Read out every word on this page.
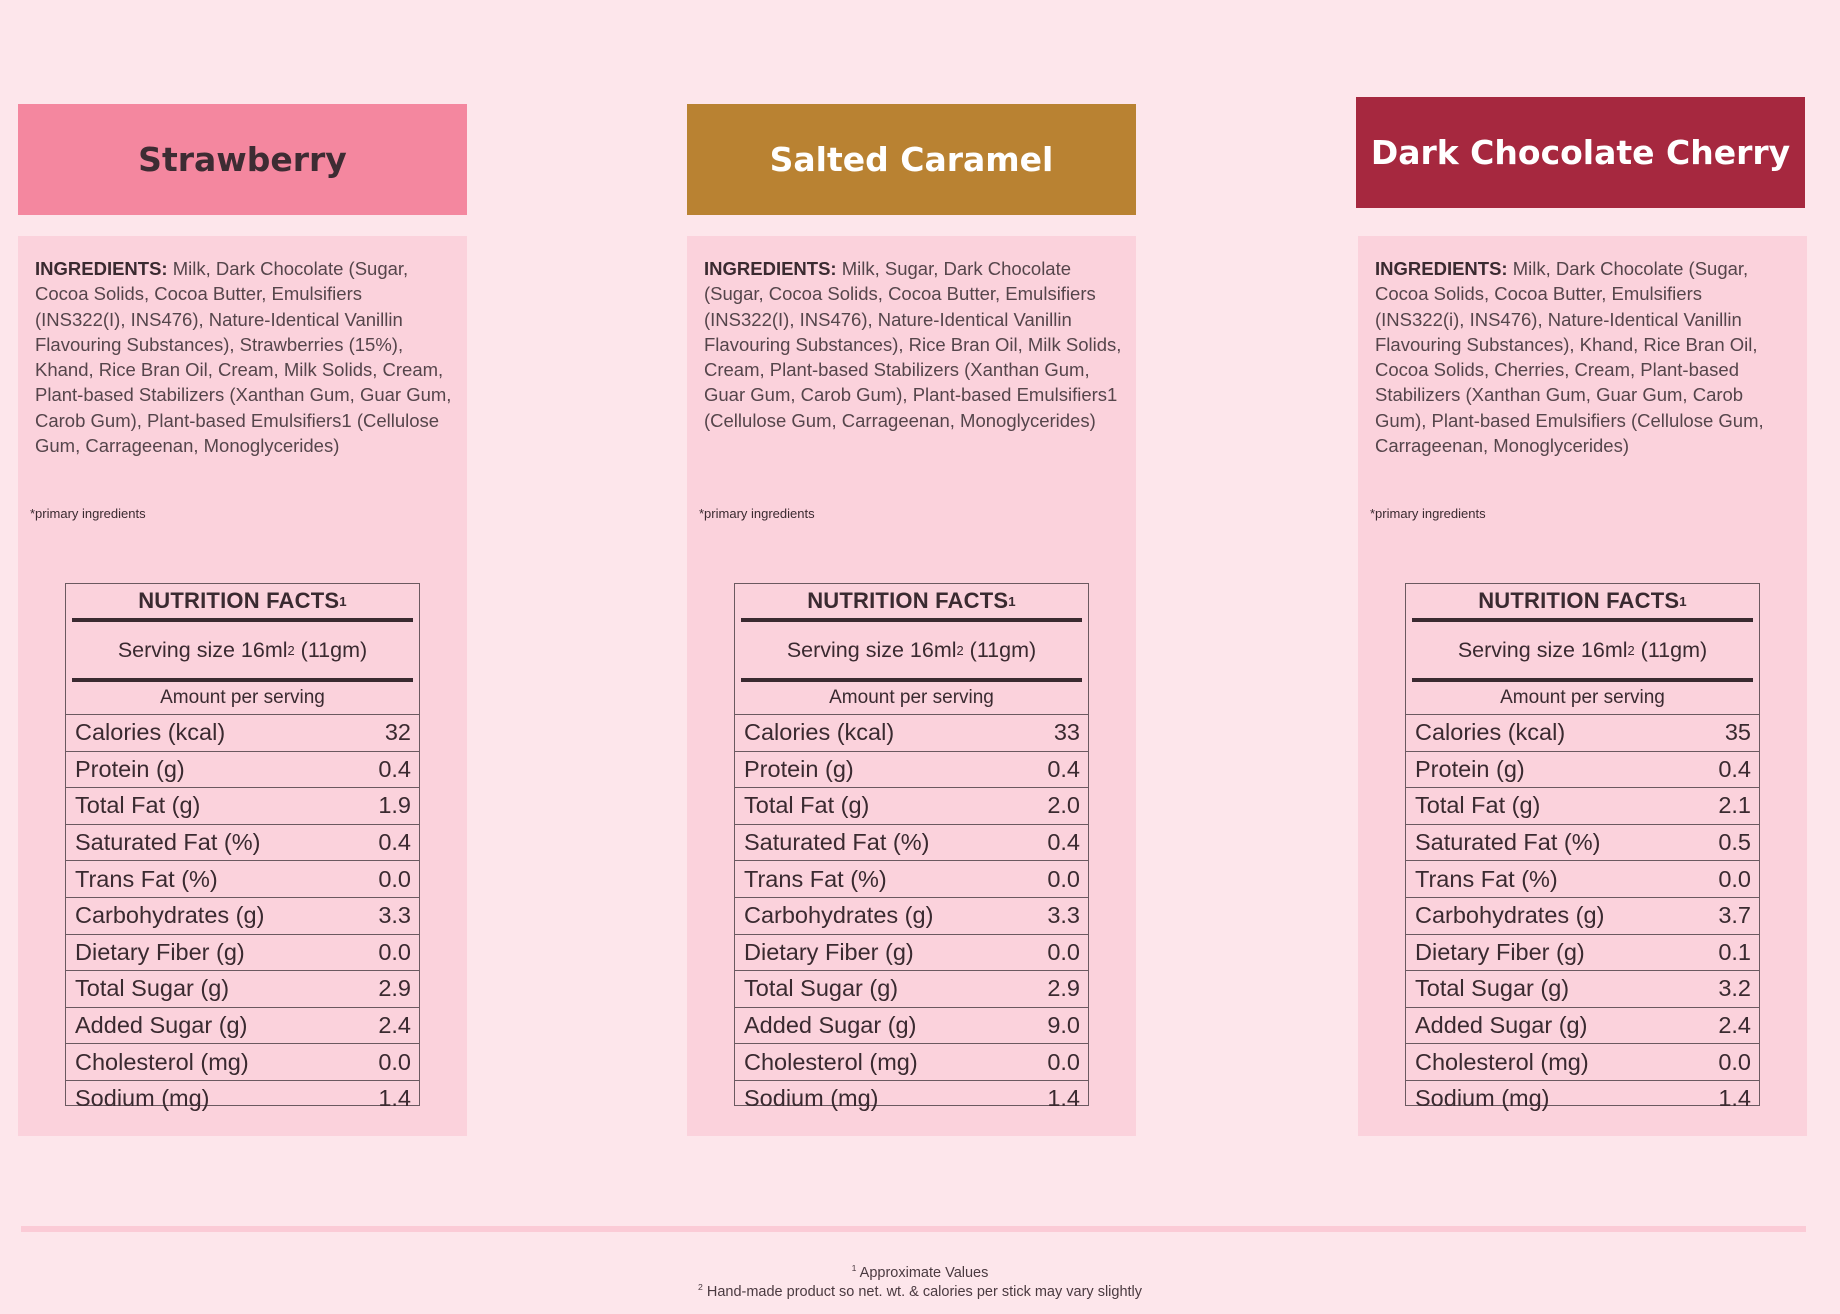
Strawberry
INGREDIENTS: Milk, Dark Chocolate (Sugar, Cocoa Solids, Cocoa Butter, Emulsifiers (INS322(I), INS476), Nature-Identical Vanillin Flavouring Substances), Strawberries (15%), Khand, Rice Bran Oil, Cream, Milk Solids, Cream, Plant-based Stabilizers (Xanthan Gum, Guar Gum, Carob Gum), Plant-based Emulsifiers1 (Cellulose Gum, Carrageenan, Monoglycerides)
*primary ingredients
NUTRITION FACTS 1
Serving size 16ml 2 (11gm)
Amount per serving
Calories (kcal)	32
Protein (g)	0.4
Total Fat (g)	1.9
Saturated Fat (%)	0.4
Trans Fat (%)	0.0
Carbohydrates (g)	3.3
Dietary Fiber (g)	0.0
Total Sugar (g)	2.9
Added Sugar (g)	2.4
Cholesterol (mg)	0.0
Sodium (mg)	1.4
Salted Caramel
INGREDIENTS: Milk, Sugar, Dark Chocolate (Sugar, Cocoa Solids, Cocoa Butter, Emulsifiers (INS322(I), INS476), Nature-Identical Vanillin Flavouring Substances), Rice Bran Oil, Milk Solids, Cream, Plant-based Stabilizers (Xanthan Gum, Guar Gum, Carob Gum), Plant-based Emulsifiers1 (Cellulose Gum, Carrageenan, Monoglycerides)
*primary ingredients
NUTRITION FACTS 1
Serving size 16ml 2 (11gm)
Amount per serving
Calories (kcal)	33
Protein (g)	0.4
Total Fat (g)	2.0
Saturated Fat (%)	0.4
Trans Fat (%)	0.0
Carbohydrates (g)	3.3
Dietary Fiber (g)	0.0
Total Sugar (g)	2.9
Added Sugar (g)	9.0
Cholesterol (mg)	0.0
Sodium (mg)	1.4
Dark Chocolate Cherry
INGREDIENTS: Milk, Dark Chocolate (Sugar, Cocoa Solids, Cocoa Butter, Emulsifiers (INS322(i), INS476), Nature-Identical Vanillin Flavouring Substances), Khand, Rice Bran Oil, Cocoa Solids, Cherries, Cream, Plant-based Stabilizers (Xanthan Gum, Guar Gum, Carob Gum), Plant-based Emulsifiers (Cellulose Gum, Carrageenan, Monoglycerides)
*primary ingredients
NUTRITION FACTS 1
Serving size 16ml 2 (11gm)
Amount per serving
Calories (kcal)	35
Protein (g)	0.4
Total Fat (g)	2.1
Saturated Fat (%)	0.5
Trans Fat (%)	0.0
Carbohydrates (g)	3.7
Dietary Fiber (g)	0.1
Total Sugar (g)	3.2
Added Sugar (g)	2.4
Cholesterol (mg)	0.0
Sodium (mg)	1.4
$^1$ Approximate Values
$^2$ Hand-made product so net. wt. & calories per stick may vary slightly
